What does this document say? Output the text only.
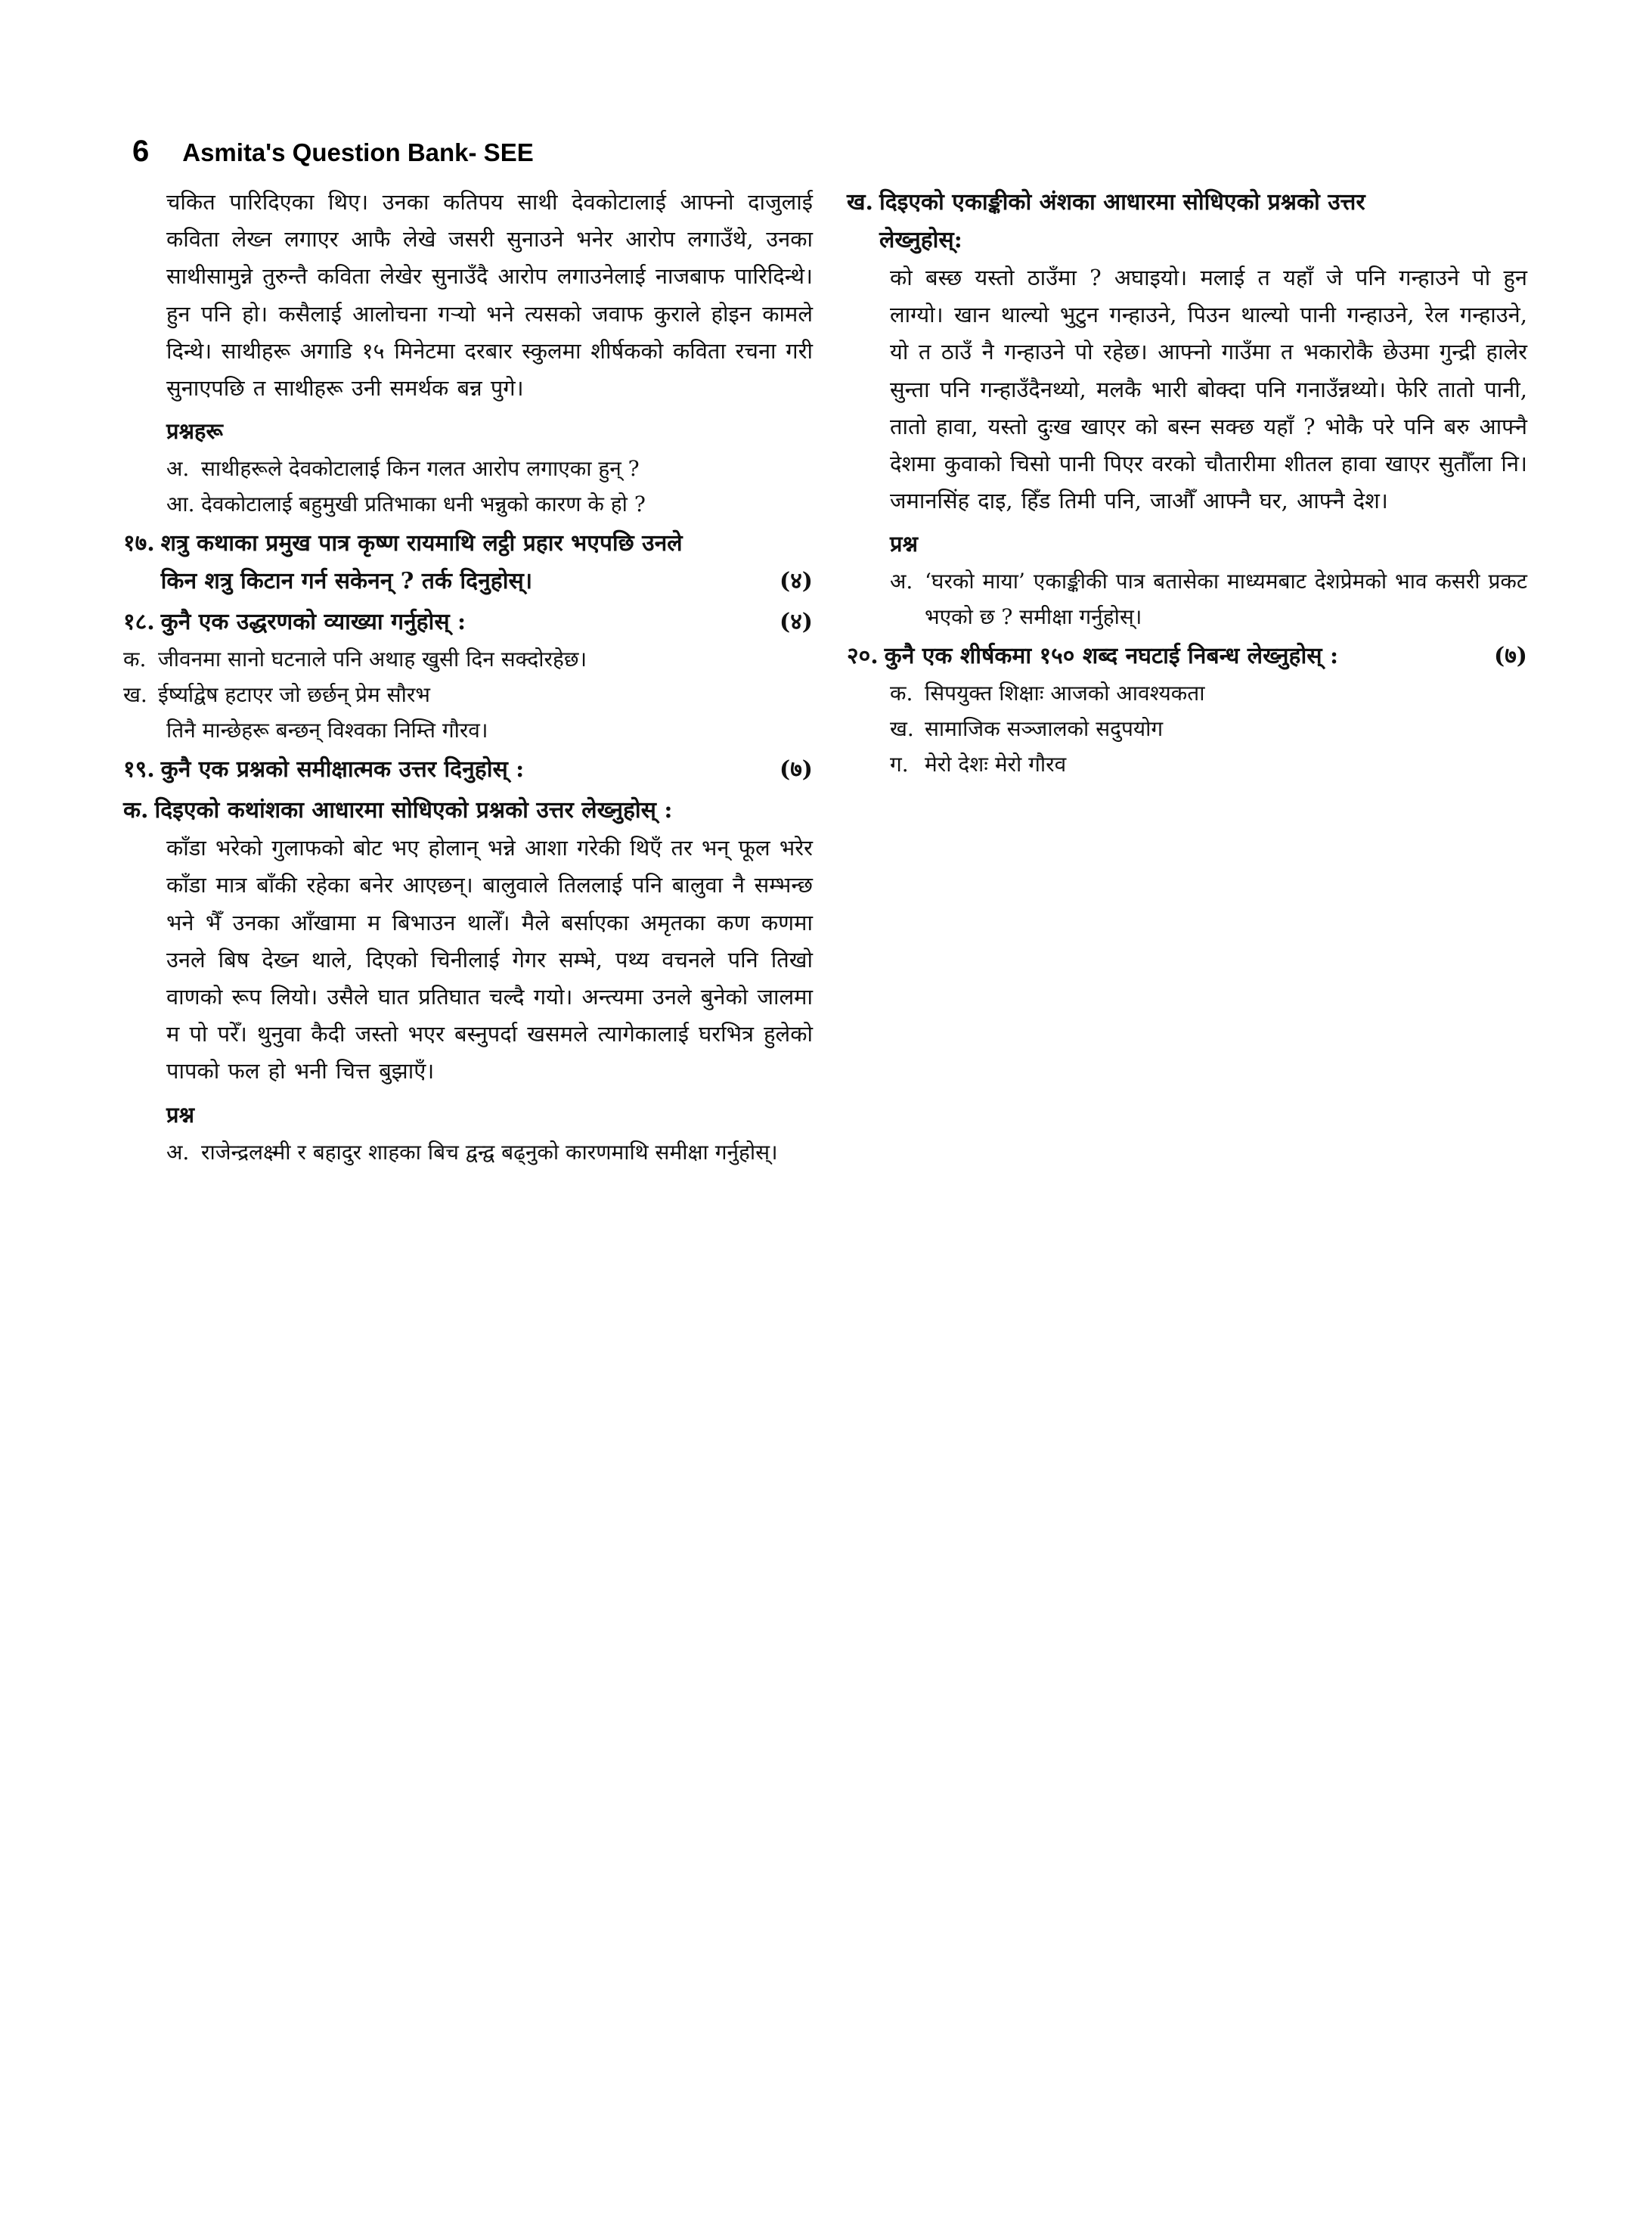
6 Asmita's Question Bank- SEE

चकित पारिदिएका थिए। उनका कतिपय साथी देवकोटालाई आफ्नो दाजुलाई कविता लेख्न लगाएर आफै लेखे जसरी सुनाउने भनेर आरोप लगाउँथे, उनका साथीसामुन्ने तुरुन्तै कविता लेखेर सुनाउँदै आरोप लगाउनेलाई नाजबाफ पारिदिन्थे। हुन पनि हो। कसैलाई आलोचना गर्‍यो भने त्यसको जवाफ कुराले होइन कामले दिन्थे। साथीहरू अगाडि १५ मिनेटमा दरबार स्कुलमा शीर्षकको कविता रचना गरी सुनाएपछि त साथीहरू उनी समर्थक बन्न पुगे।

प्रश्नहरू
अ. साथीहरूले देवकोटालाई किन गलत आरोप लगाएका हुन् ?
आ. देवकोटालाई बहुमुखी प्रतिभाका धनी भन्नुको कारण के हो ?
१७. शत्रु कथाका प्रमुख पात्र कृष्ण रायमाथि लट्ठी प्रहार भएपछि उनले
किन शत्रु किटान गर्न सकेनन् ? तर्क दिनुहोस्।	(४)
१८. कुनै एक उद्धरणको व्याख्या गर्नुहोस् :	(४)
क. जीवनमा सानो घटनाले पनि अथाह खुसी दिन सक्दोरहेछ।
ख. ईर्ष्याद्वेष हटाएर जो छर्छन् प्रेम सौरभ
तिनै मान्छेहरू बन्छन् विश्वका निम्ति गौरव।
१९. कुनै एक प्रश्नको समीक्षात्मक उत्तर दिनुहोस् :	(७)
क. दिइएको कथांशका आधारमा सोधिएको प्रश्नको उत्तर लेख्नुहोस् :

काँडा भरेको गुलाफको बोट भए होलान् भन्ने आशा गरेकी थिएँ तर भन् फूल भरेर काँडा मात्र बाँकी रहेका बनेर आएछन्। बालुवाले तिललाई पनि बालुवा नै सम्भन्छ भने भैँ उनका आँखामा म बिभाउन थालेँ। मैले बर्साएका अमृतका कण कणमा उनले बिष देख्न थाले, दिएको चिनीलाई गेगर सम्भे, पथ्य वचनले पनि तिखो वाणको रूप लियो। उसैले घात प्रतिघात चल्दै गयो। अन्त्यमा उनले बुनेको जालमा म पो परेँ। थुनुवा कैदी जस्तो भएर बस्नुपर्दा खसमले त्यागेकालाई घरभित्र हुलेको पापको फल हो भनी चित्त बुझाएँ।

प्रश्न
अ. राजेन्द्रलक्ष्मी र बहादुर शाहका बिच द्वन्द्व बढ्नुको कारणमाथि समीक्षा गर्नुहोस्।
ख. दिइएको एकाङ्कीको अंशका आधारमा सोधिएको प्रश्नको उत्तर
लेख्नुहोस्:

को बस्छ यस्तो ठाउँमा ? अघाइयो। मलाई त यहाँ जे पनि गन्हाउने पो हुन लाग्यो। खान थाल्यो भुटुन गन्हाउने, पिउन थाल्यो पानी गन्हाउने, रेल गन्हाउने, यो त ठाउँ नै गन्हाउने पो रहेछ। आफ्नो गाउँमा त भकारोकै छेउमा गुन्द्री हालेर सुन्ता पनि गन्हाउँदैनथ्यो, मलकै भारी बोक्दा पनि गनाउँन्नथ्यो। फेरि तातो पानी, तातो हावा, यस्तो दुःख खाएर को बस्न सक्छ यहाँ ? भोकै परे पनि बरु आफ्नै देशमा कुवाको चिसो पानी पिएर वरको चौतारीमा शीतल हावा खाएर सुतौँला नि। जमानसिंह दाइ, हिँड तिमी पनि, जाऔँ आफ्नै घर, आफ्नै देश।

प्रश्न
अ. ‘घरको माया’ एकाङ्कीकी पात्र बतासेका माध्यमबाट देशप्रेमको भाव कसरी प्रकट भएको छ ? समीक्षा गर्नुहोस्।
२०. कुनै एक शीर्षकमा १५० शब्द नघटाई निबन्ध लेख्नुहोस् :	(७)
क. सिपयुक्त शिक्षाः आजको आवश्यकता
ख. सामाजिक सञ्जालको सदुपयोग
ग. मेरो देशः मेरो गौरव
